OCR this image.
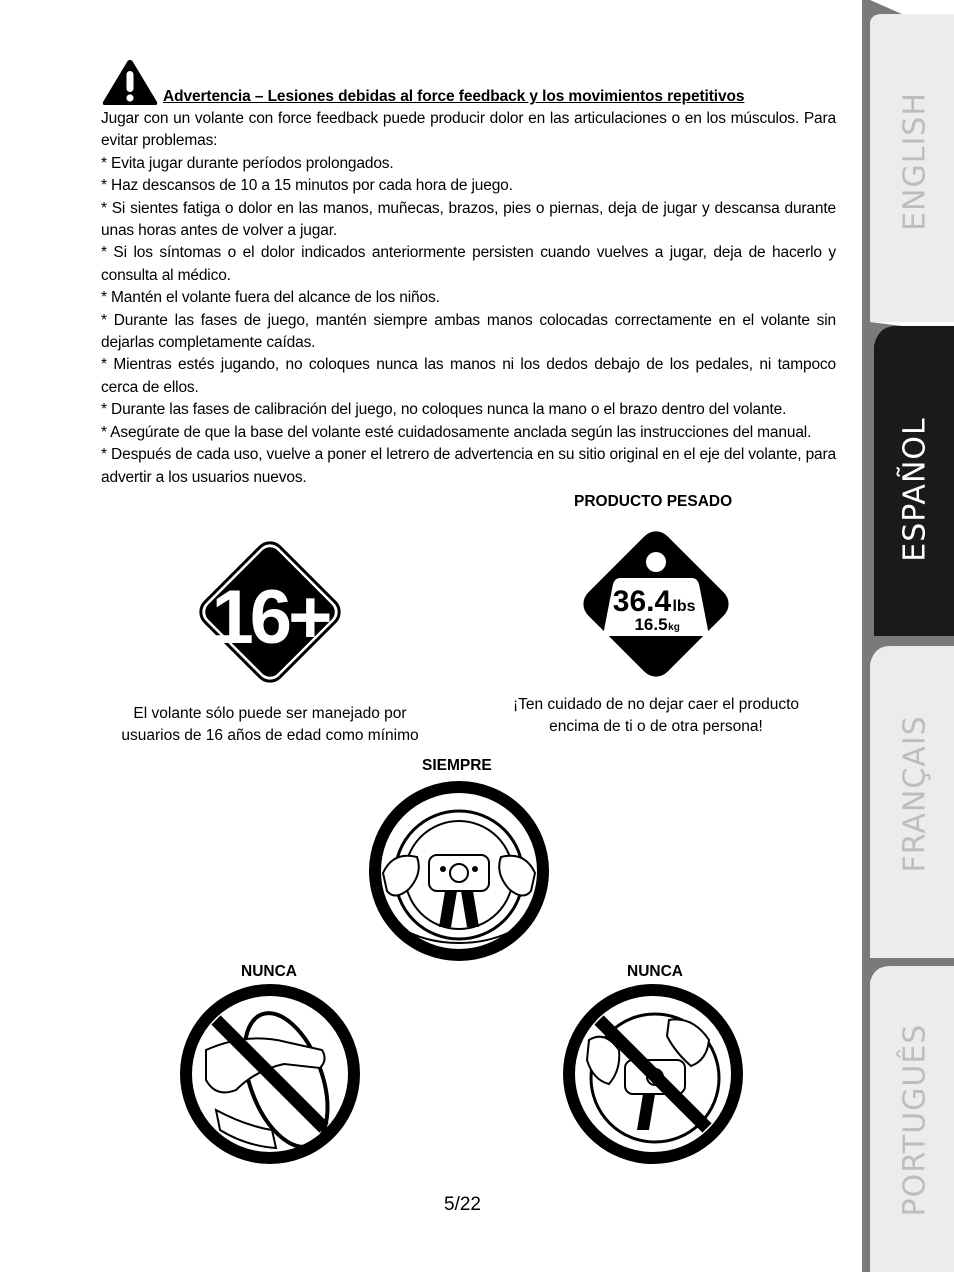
Advertencia – Lesiones debidas al force feedback y los movimientos repetitivos

Jugar con un volante con force feedback puede producir dolor en las articulaciones o en los músculos. Para evitar problemas:

* Evita jugar durante períodos prolongados.

* Haz descansos de 10 a 15 minutos por cada hora de juego.

* Si sientes fatiga o dolor en las manos, muñecas, brazos, pies o piernas, deja de jugar y descansa durante unas horas antes de volver a jugar.

* Si los síntomas o el dolor indicados anteriormente persisten cuando vuelves a jugar, deja de hacerlo y consulta al médico.

* Mantén el volante fuera del alcance de los niños.

* Durante las fases de juego, mantén siempre ambas manos colocadas correctamente en el volante sin dejarlas completamente caídas.

* Mientras estés jugando, no coloques nunca las manos ni los dedos debajo de los pedales, ni tampoco cerca de ellos.

* Durante las fases de calibración del juego, no coloques nunca la mano o el brazo dentro del volante.

* Asegúrate de que la base del volante esté cuidadosamente anclada según las instrucciones del manual.

* Después de cada uso, vuelve a poner el letrero de advertencia en su sitio original en el eje del volante, para advertir a los usuarios nuevos.

PRODUCTO PESADO
16+
El volante sólo puede ser manejado por
usuarios de 16 años de edad como mínimo
36.4 lbs
16.5 kg
¡Ten cuidado de no dejar caer el producto
encima de ti o de otra persona!
SIEMPRE
NUNCA	NUNCA
5/22
ENGLISH
ESPAÑOL
FRANÇAIS
PORTUGUÊS
